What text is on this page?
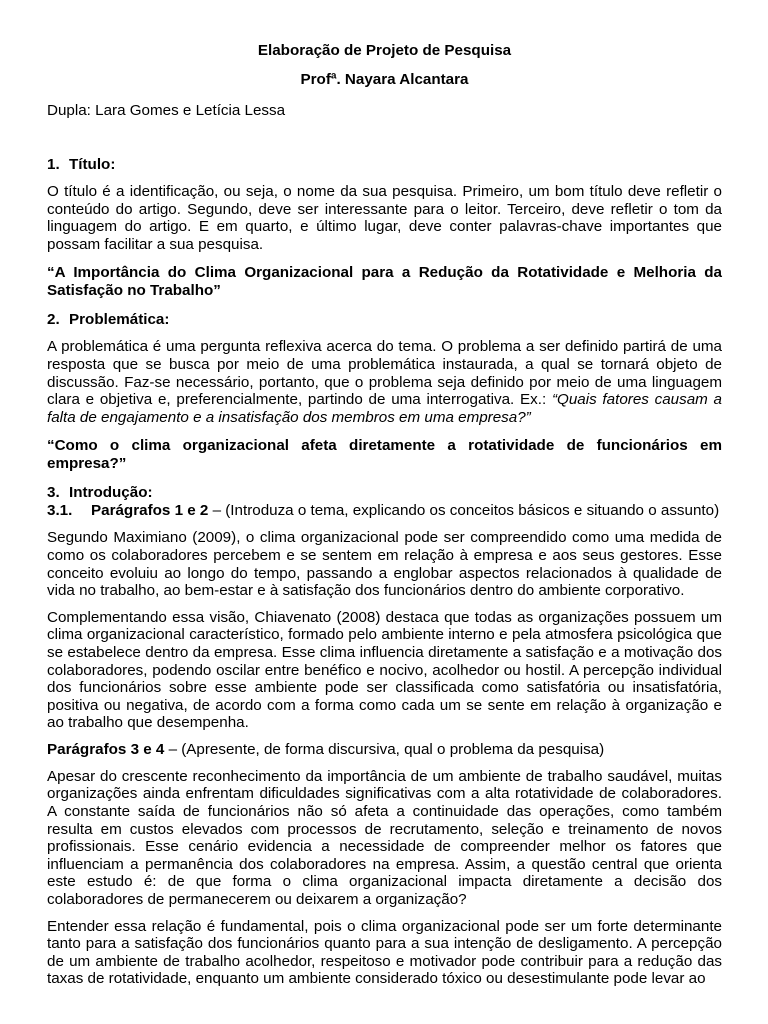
Elaboração de Projeto de Pesquisa

Profª. Nayara Alcantara

Dupla: Lara Gomes e Letícia Lessa

1. Título:

O título é a identificação, ou seja, o nome da sua pesquisa. Primeiro, um bom título deve refletir o conteúdo do artigo. Segundo, deve ser interessante para o leitor. Terceiro, deve refletir o tom da linguagem do artigo. E em quarto, e último lugar, deve conter palavras-chave importantes que possam facilitar a sua pesquisa.

“A Importância do Clima Organizacional para a Redução da Rotatividade e Melhoria da Satisfação no Trabalho”

2. Problemática:

A problemática é uma pergunta reflexiva acerca do tema. O problema a ser definido partirá de uma resposta que se busca por meio de uma problemática instaurada, a qual se tornará objeto de discussão. Faz-se necessário, portanto, que o problema seja definido por meio de uma linguagem clara e objetiva e, preferencialmente, partindo de uma interrogativa. Ex.: “Quais fatores causam a falta de engajamento e a insatisfação dos membros em uma empresa?”

“Como o clima organizacional afeta diretamente a rotatividade de funcionários em empresa?”

3. Introdução:

3.1. Parágrafos 1 e 2 – (Introduza o tema, explicando os conceitos básicos e situando o assunto)

Segundo Maximiano (2009), o clima organizacional pode ser compreendido como uma medida de como os colaboradores percebem e se sentem em relação à empresa e aos seus gestores. Esse conceito evoluiu ao longo do tempo, passando a englobar aspectos relacionados à qualidade de vida no trabalho, ao bem-estar e à satisfação dos funcionários dentro do ambiente corporativo.

Complementando essa visão, Chiavenato (2008) destaca que todas as organizações possuem um clima organizacional característico, formado pelo ambiente interno e pela atmosfera psicológica que se estabelece dentro da empresa. Esse clima influencia diretamente a satisfação e a motivação dos colaboradores, podendo oscilar entre benéfico e nocivo, acolhedor ou hostil. A percepção individual dos funcionários sobre esse ambiente pode ser classificada como satisfatória ou insatisfatória, positiva ou negativa, de acordo com a forma como cada um se sente em relação à organização e ao trabalho que desempenha.

Parágrafos 3 e 4 – (Apresente, de forma discursiva, qual o problema da pesquisa)

Apesar do crescente reconhecimento da importância de um ambiente de trabalho saudável, muitas organizações ainda enfrentam dificuldades significativas com a alta rotatividade de colaboradores. A constante saída de funcionários não só afeta a continuidade das operações, como também resulta em custos elevados com processos de recrutamento, seleção e treinamento de novos profissionais. Esse cenário evidencia a necessidade de compreender melhor os fatores que influenciam a permanência dos colaboradores na empresa. Assim, a questão central que orienta este estudo é: de que forma o clima organizacional impacta diretamente a decisão dos colaboradores de permanecerem ou deixarem a organização?

Entender essa relação é fundamental, pois o clima organizacional pode ser um forte determinante tanto para a satisfação dos funcionários quanto para a sua intenção de desligamento. A percepção de um ambiente de trabalho acolhedor, respeitoso e motivador pode contribuir para a redução das taxas de rotatividade, enquanto um ambiente considerado tóxico ou desestimulante pode levar ao
